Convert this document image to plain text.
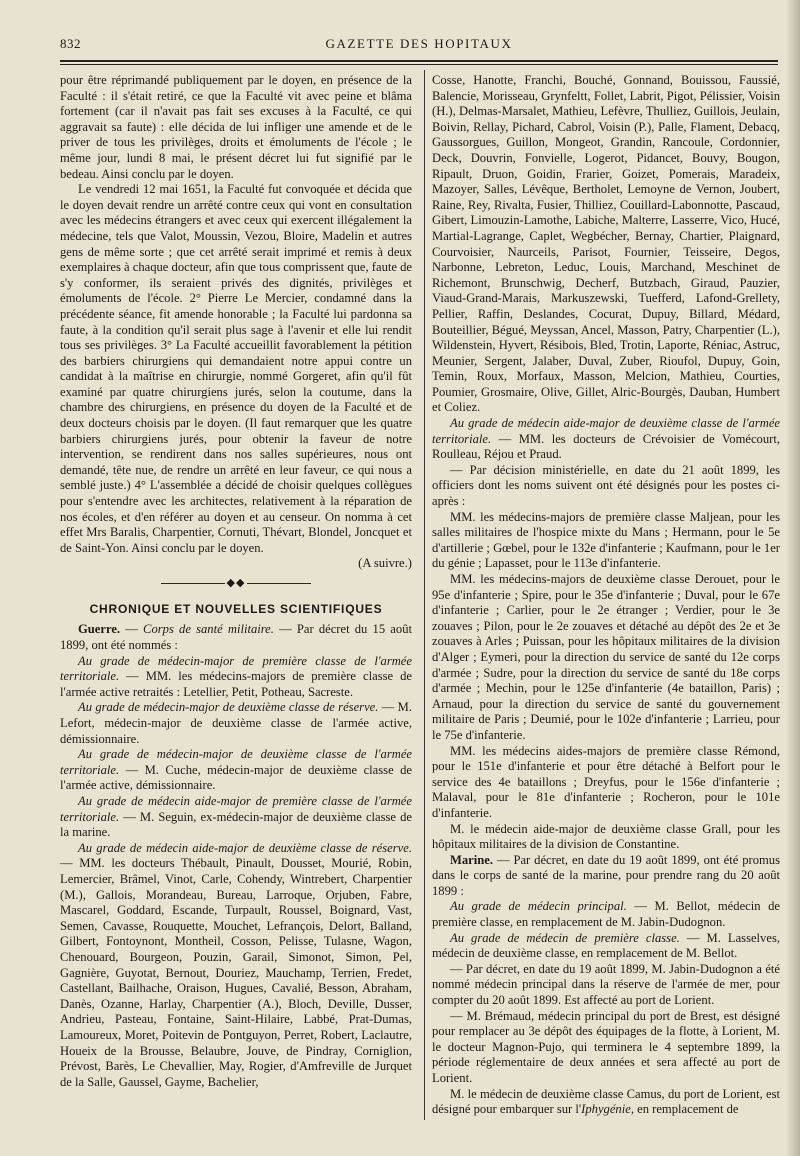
832	GAZETTE DES HOPITAUX

pour être réprimandé publiquement par le doyen, en présence de la Faculté : il s'était retiré, ce que la Faculté vit avec peine et blâma fortement (car il n'avait pas fait ses excuses à la Faculté, ce qui aggravait sa faute) : elle décida de lui infliger une amende et de le priver de tous les privilèges, droits et émoluments de l'école ; le même jour, lundi 8 mai, le présent décret lui fut signifié par le bedeau. Ainsi conclu par le doyen.

Le vendredi 12 mai 1651, la Faculté fut convoquée et décida que le doyen devait rendre un arrêté contre ceux qui vont en consultation avec les médecins étrangers et avec ceux qui exercent illégalement la médecine, tels que Valot, Moussin, Vezou, Bloire, Madelin et autres gens de même sorte ; que cet arrêté serait imprimé et remis à deux exemplaires à chaque docteur, afin que tous comprissent que, faute de s'y conformer, ils seraient privés des dignités, privilèges et émoluments de l'école. 2° Pierre Le Mercier, condamné dans la précédente séance, fit amende honorable ; la Faculté lui pardonna sa faute, à la condition qu'il serait plus sage à l'avenir et elle lui rendit tous ses privilèges. 3° La Faculté accueillit favorablement la pétition des barbiers chirurgiens qui demandaient notre appui contre un candidat à la maîtrise en chirurgie, nommé Gorgeret, afin qu'il fût examiné par quatre chirurgiens jurés, selon la coutume, dans la chambre des chirurgiens, en présence du doyen de la Faculté et de deux docteurs choisis par le doyen. (Il faut remarquer que les quatre barbiers chirurgiens jurés, pour obtenir la faveur de notre intervention, se rendirent dans nos salles supérieures, nous ont demandé, tête nue, de rendre un arrêté en leur faveur, ce qui nous a semblé juste.) 4° L'assemblée a décidé de choisir quelques collègues pour s'entendre avec les architectes, relativement à la réparation de nos écoles, et d'en référer au doyen et au censeur. On nomma à cet effet Mrs Baralis, Charpentier, Cornuti, Thévart, Blondel, Joncquet et de Saint-Yon. Ainsi conclu par le doyen.

(A suivre.)

◆◆
CHRONIQUE ET NOUVELLES SCIENTIFIQUES

Guerre. — Corps de santé militaire. — Par décret du 15 août 1899, ont été nommés :

Au grade de médecin-major de première classe de l'armée territoriale. — MM. les médecins-majors de première classe de l'armée active retraités : Letellier, Petit, Potheau, Sacreste.

Au grade de médecin-major de deuxième classe de réserve. — M. Lefort, médecin-major de deuxième classe de l'armée active, démissionnaire.

Au grade de médecin-major de deuxième classe de l'armée territoriale. — M. Cuche, médecin-major de deuxième classe de l'armée active, démissionnaire.

Au grade de médecin aide-major de première classe de l'armée territoriale. — M. Seguin, ex-médecin-major de deuxième classe de la marine.

Au grade de médecin aide-major de deuxième classe de réserve. — MM. les docteurs Thébault, Pinault, Dousset, Mourié, Robin, Lemercier, Brâmel, Vinot, Carle, Cohendy, Wintrebert, Charpentier (M.), Gallois, Morandeau, Bureau, Larroque, Orjuben, Fabre, Mascarel, Goddard, Escande, Turpault, Roussel, Boignard, Vast, Semen, Cavasse, Rouquette, Mouchet, Lefrançois, Delort, Balland, Gilbert, Fontoynont, Montheil, Cosson, Pelisse, Tulasne, Wagon, Chenouard, Bourgeon, Pouzin, Garail, Simonot, Simon, Pel, Gagnière, Guyotat, Bernout, Douriez, Mauchamp, Terrien, Fredet, Castellant, Bailhache, Oraison, Hugues, Cavalié, Besson, Abraham, Danès, Ozanne, Harlay, Charpentier (A.), Bloch, Deville, Dusser, Andrieu, Pasteau, Fontaine, Saint-Hilaire, Labbé, Prat-Dumas, Lamoureux, Moret, Poitevin de Pontguyon, Perret, Robert, Laclautre, Houeix de la Brousse, Belaubre, Jouve, de Pindray, Corniglion, Prévost, Barès, Le Chevallier, May, Rogier, d'Amfreville de Jurquet de la Salle, Gaussel, Gayme, Bachelier,

Cosse, Hanotte, Franchi, Bouché, Gonnand, Bouissou, Faussié, Balencie, Morisseau, Grynfeltt, Follet, Labrit, Pigot, Pélissier, Voisin (H.), Delmas-Marsalet, Mathieu, Lefèvre, Thulliez, Guillois, Jeulain, Boivin, Rellay, Pichard, Cabrol, Voisin (P.), Palle, Flament, Debacq, Gaussorgues, Guillon, Mongeot, Grandin, Rancoule, Cordonnier, Deck, Douvrin, Fonvielle, Logerot, Pidancet, Bouvy, Bougon, Ripault, Druon, Goidin, Frarier, Goizet, Pomerais, Maradeix, Mazoyer, Salles, Lévêque, Bertholet, Lemoyne de Vernon, Joubert, Raine, Rey, Rivalta, Fusier, Thilliez, Couillard-Labonnotte, Pascaud, Gibert, Limouzin-Lamothe, Labiche, Malterre, Lasserre, Vico, Hucé, Martial-Lagrange, Caplet, Wegbécher, Bernay, Chartier, Plaignard, Courvoisier, Naurceils, Parisot, Fournier, Teisseire, Degos, Narbonne, Lebreton, Leduc, Louis, Marchand, Meschinet de Richemont, Brunschwig, Decherf, Butzbach, Giraud, Pauzier, Viaud-Grand-Marais, Markuszewski, Tuefferd, Lafond-Grellety, Pellier, Raffin, Deslandes, Cocurat, Dupuy, Billard, Médard, Bouteillier, Bégué, Meyssan, Ancel, Masson, Patry, Charpentier (L.), Wildenstein, Hyvert, Résibois, Bled, Trotin, Laporte, Réniac, Astruc, Meunier, Sergent, Jalaber, Duval, Zuber, Rioufol, Dupuy, Goin, Temin, Roux, Morfaux, Masson, Melcion, Mathieu, Courties, Poumier, Grosmaire, Olive, Gillet, Alric-Bourgès, Dauban, Humbert et Coliez.

Au grade de médecin aide-major de deuxième classe de l'armée territoriale. — MM. les docteurs de Crévoisier de Vomécourt, Roulleau, Réjou et Praud.

— Par décision ministérielle, en date du 21 août 1899, les officiers dont les noms suivent ont été désignés pour les postes ci-après :

MM. les médecins-majors de première classe Maljean, pour les salles militaires de l'hospice mixte du Mans ; Hermann, pour le 5e d'artillerie ; Gœbel, pour le 132e d'infanterie ; Kaufmann, pour le 1er du génie ; Lapasset, pour le 113e d'infanterie.

MM. les médecins-majors de deuxième classe Derouet, pour le 95e d'infanterie ; Spire, pour le 35e d'infanterie ; Duval, pour le 67e d'infanterie ; Carlier, pour le 2e étranger ; Verdier, pour le 3e zouaves ; Pilon, pour le 2e zouaves et détaché au dépôt des 2e et 3e zouaves à Arles ; Puissan, pour les hôpitaux militaires de la division d'Alger ; Eymeri, pour la direction du service de santé du 12e corps d'armée ; Sudre, pour la direction du service de santé du 18e corps d'armée ; Mechin, pour le 125e d'infanterie (4e bataillon, Paris) ; Arnaud, pour la direction du service de santé du gouvernement militaire de Paris ; Deumié, pour le 102e d'infanterie ; Larrieu, pour le 75e d'infanterie.

MM. les médecins aides-majors de première classe Rémond, pour le 151e d'infanterie et pour être détaché à Belfort pour le service des 4e bataillons ; Dreyfus, pour le 156e d'infanterie ; Malaval, pour le 81e d'infanterie ; Rocheron, pour le 101e d'infanterie.

M. le médecin aide-major de deuxième classe Grall, pour les hôpitaux militaires de la division de Constantine.

Marine. — Par décret, en date du 19 août 1899, ont été promus dans le corps de santé de la marine, pour prendre rang du 20 août 1899 :

Au grade de médecin principal. — M. Bellot, médecin de première classe, en remplacement de M. Jabin-Dudognon.

Au grade de médecin de première classe. — M. Lasselves, médecin de deuxième classe, en remplacement de M. Bellot.

— Par décret, en date du 19 août 1899, M. Jabin-Dudognon a été nommé médecin principal dans la réserve de l'armée de mer, pour compter du 20 août 1899. Est affecté au port de Lorient.

— M. Brémaud, médecin principal du port de Brest, est désigné pour remplacer au 3e dépôt des équipages de la flotte, à Lorient, M. le docteur Magnon-Pujo, qui terminera le 4 septembre 1899, la période réglementaire de deux années et sera affecté au port de Lorient.

M. le médecin de deuxième classe Camus, du port de Lorient, est désigné pour embarquer sur l'Iphygénie, en remplacement de
